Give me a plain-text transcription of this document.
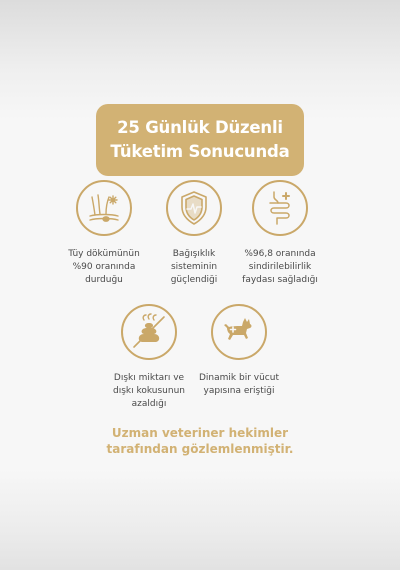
25 Günlük Düzenli
Tüketim Sonucunda
Tüy dökümünün
%90 oranında
durduğu
Bağışıklık
sisteminin
güçlendiği
%96,8 oranında
sindirilebilirlik
faydası sağladığı
Dışkı miktarı ve
dışkı kokusunun
azaldığı
Dinamik bir vücut
yapısına eriştiği
Uzman veteriner hekimler
tarafından gözlemlenmiştir.
